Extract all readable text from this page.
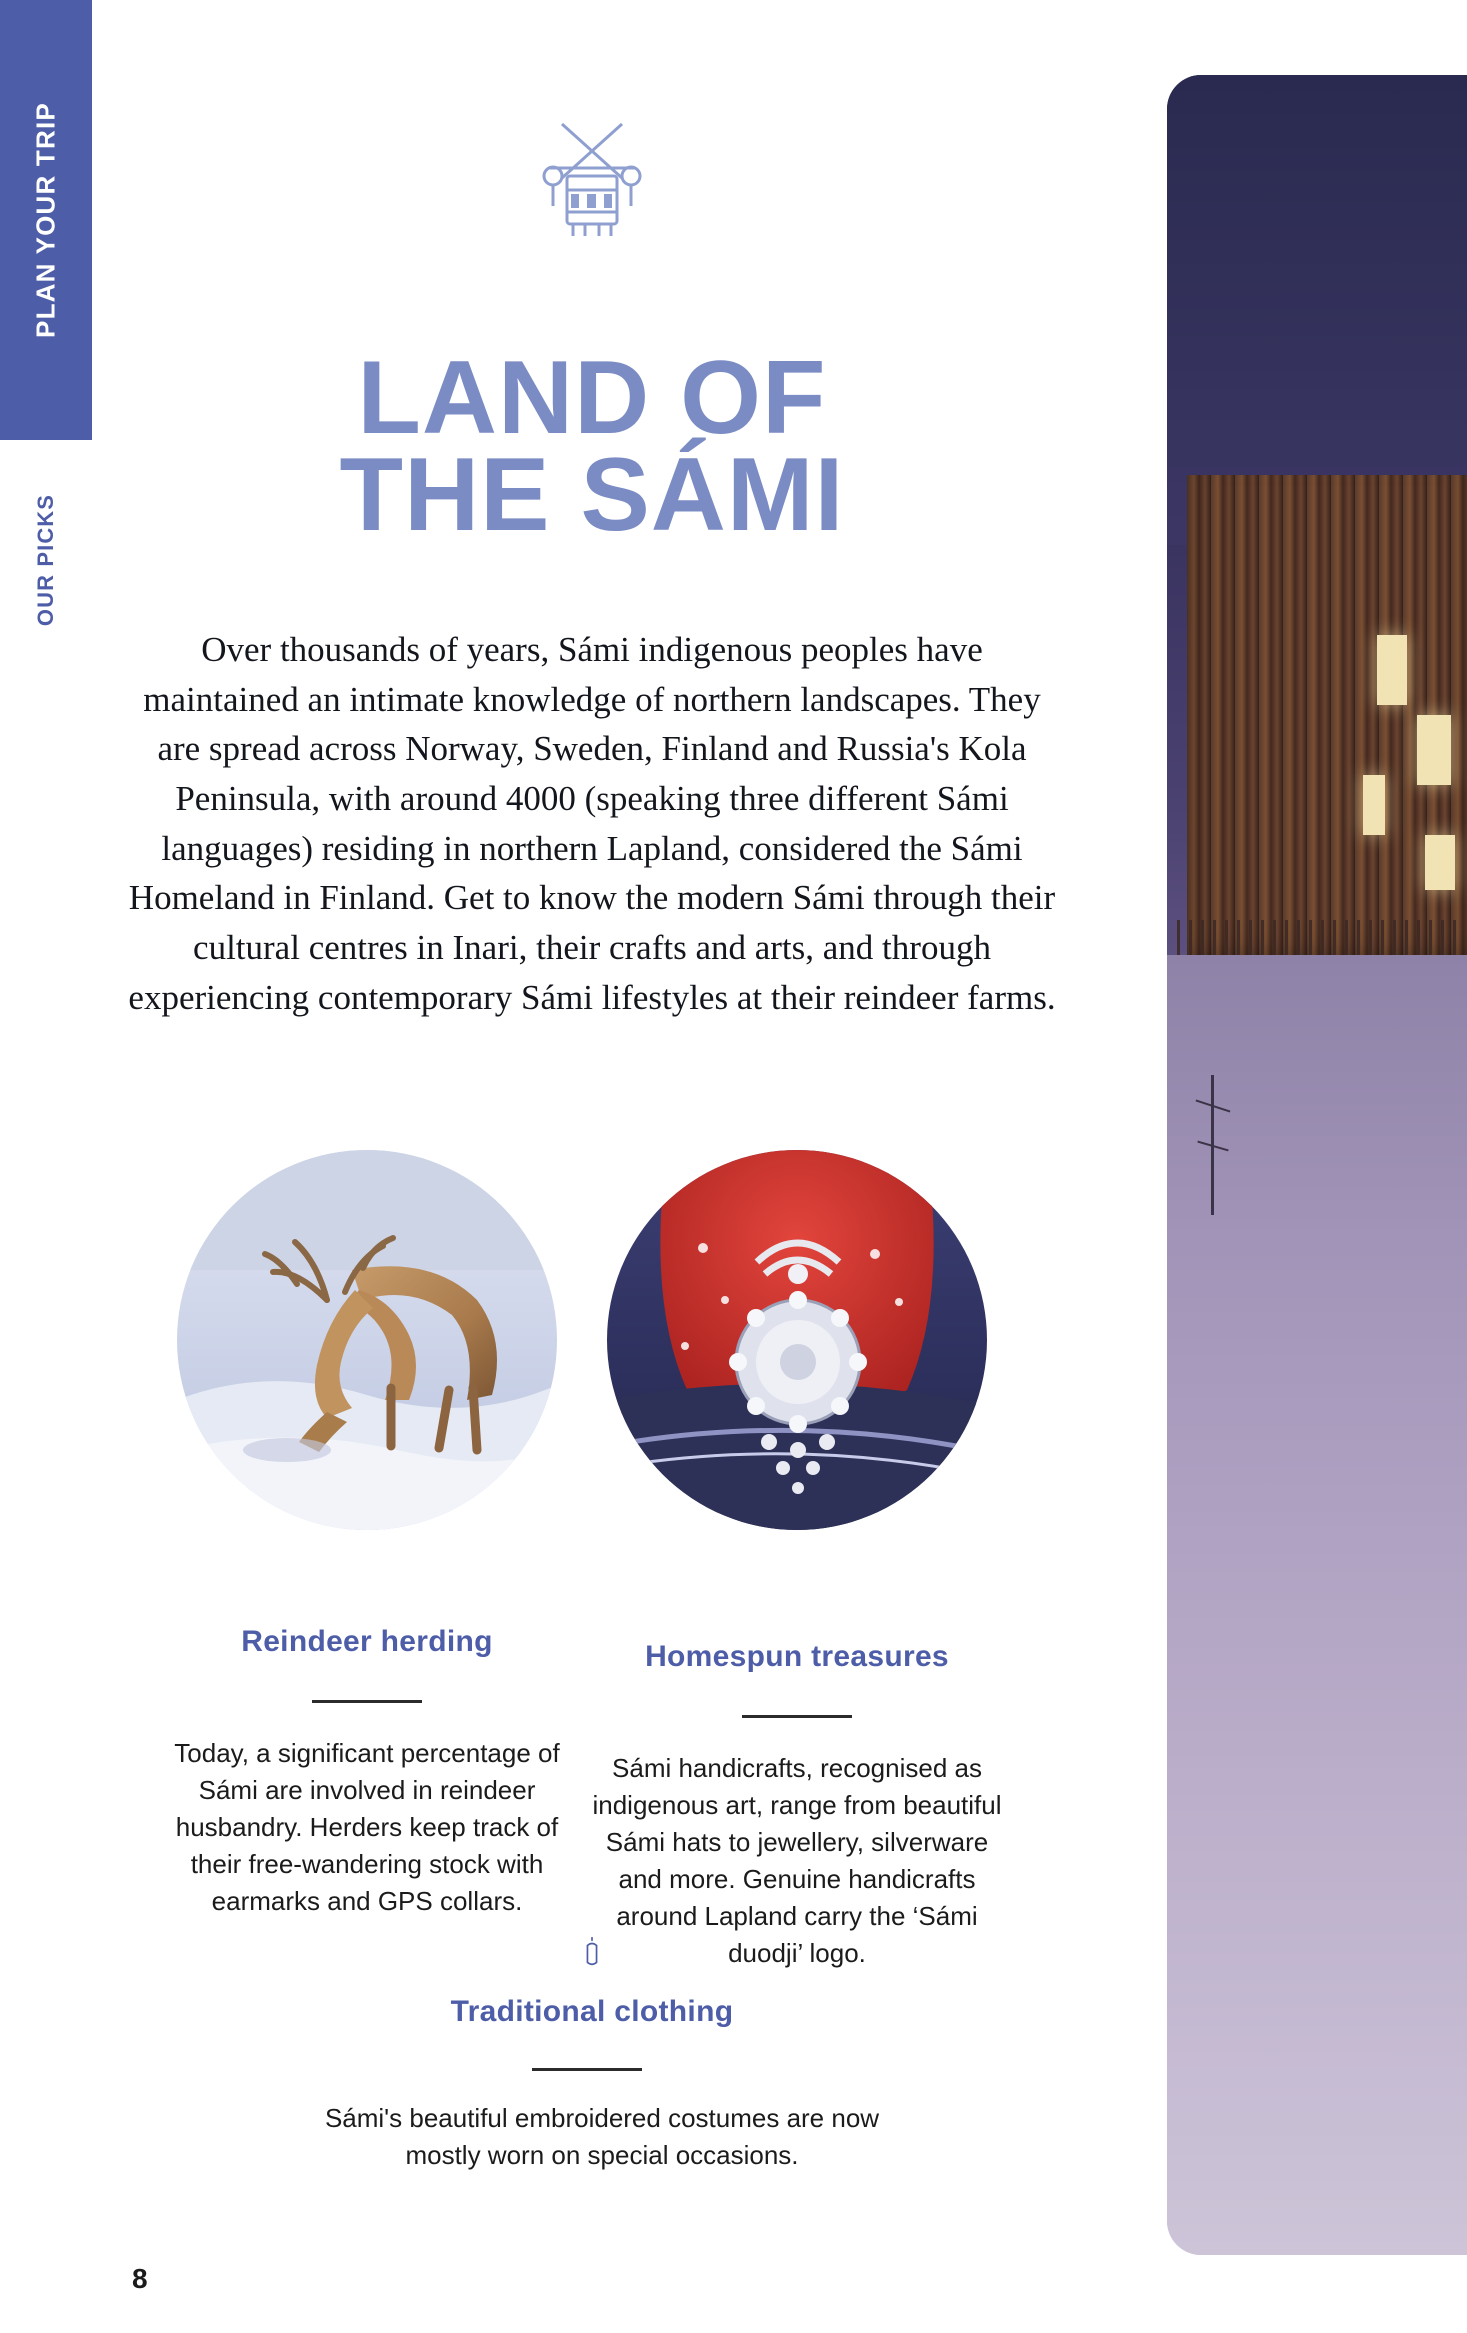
PLAN YOUR TRIP
OUR PICKS
LAND OF
THE SÁMI

Over thousands of years, Sámi indigenous peoples have maintained an intimate knowledge of northern landscapes. They are spread across Norway, Sweden, Finland and Russia's Kola Peninsula, with around 4000 (speaking three different Sámi languages) residing in northern Lapland, considered the Sámi Homeland in Finland. Get to know the modern Sámi through their cultural centres in Inari, their crafts and arts, and through experiencing contemporary Sámi lifestyles at their reindeer farms.

Reindeer herding
Today, a significant percentage of Sámi are involved in reindeer husbandry. Herders keep track of their free-wandering stock with earmarks and GPS collars.
Homespun treasures
Sámi handicrafts, recognised as indigenous art, range from beautiful Sámi hats to jewellery, silverware and more. Genuine handicrafts around Lapland carry the ‘Sámi duodji’ logo.
Traditional clothing
Sámi's beautiful embroidered costumes are now mostly worn on special occasions.
8
FAR LEFT: EKATERINA POLISCHUK/SHUTTERSTOCK ©. LEFT: O.C RITZ/SHUTTERSTOCK ©. RIGHT: PETER GUDELLA/SHUTTERSTOCK ©
